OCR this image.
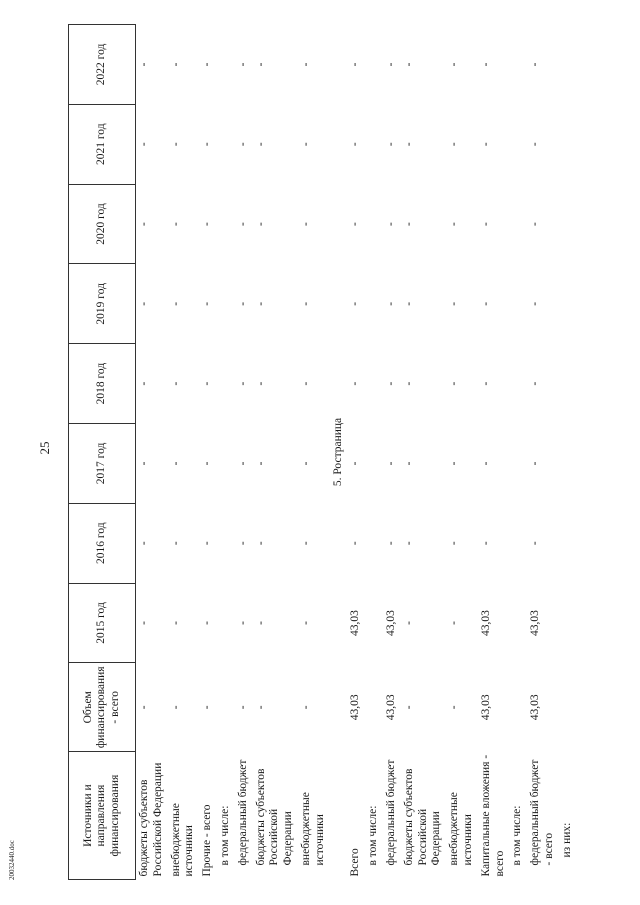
25
20032440.doc
Источники и направления финансирования	Объем финансирования - всего	2015 год	2016 год	2017 год	2018 год	2019 год	2020 год	2021 год	2022 год
бюджеты субъектов Российской Федерации	-	-	-	-	-	-	-	-	-
внебюджетные источники	-	-	-	-	-	-	-	-	-
Прочие - всего	-	-	-	-	-	-	-	-	-
в том числе:									
федеральный бюджет	-	-	-	-	-	-	-	-	-
бюджеты субъектов Российской Федерации	-	-	-	-	-	-	-	-	-
внебюджетные источники	-	-	-	-	-	-	-	-	-
5. Ространица									
Всего	43,03	43,03	-	-	-	-	-	-	-
в том числе:									
федеральный бюджет	43,03	43,03	-	-	-	-	-	-	-
бюджеты субъектов Российской Федерации	-	-	-	-	-	-	-	-	-
внебюджетные источники	-	-	-	-	-	-	-	-	-
Капитальные вложения - всего	43,03	43,03	-	-	-	-	-	-	-
в том числе:									
федеральный бюджет - всего	43,03	43,03	-	-	-	-	-	-	-
из них:									
